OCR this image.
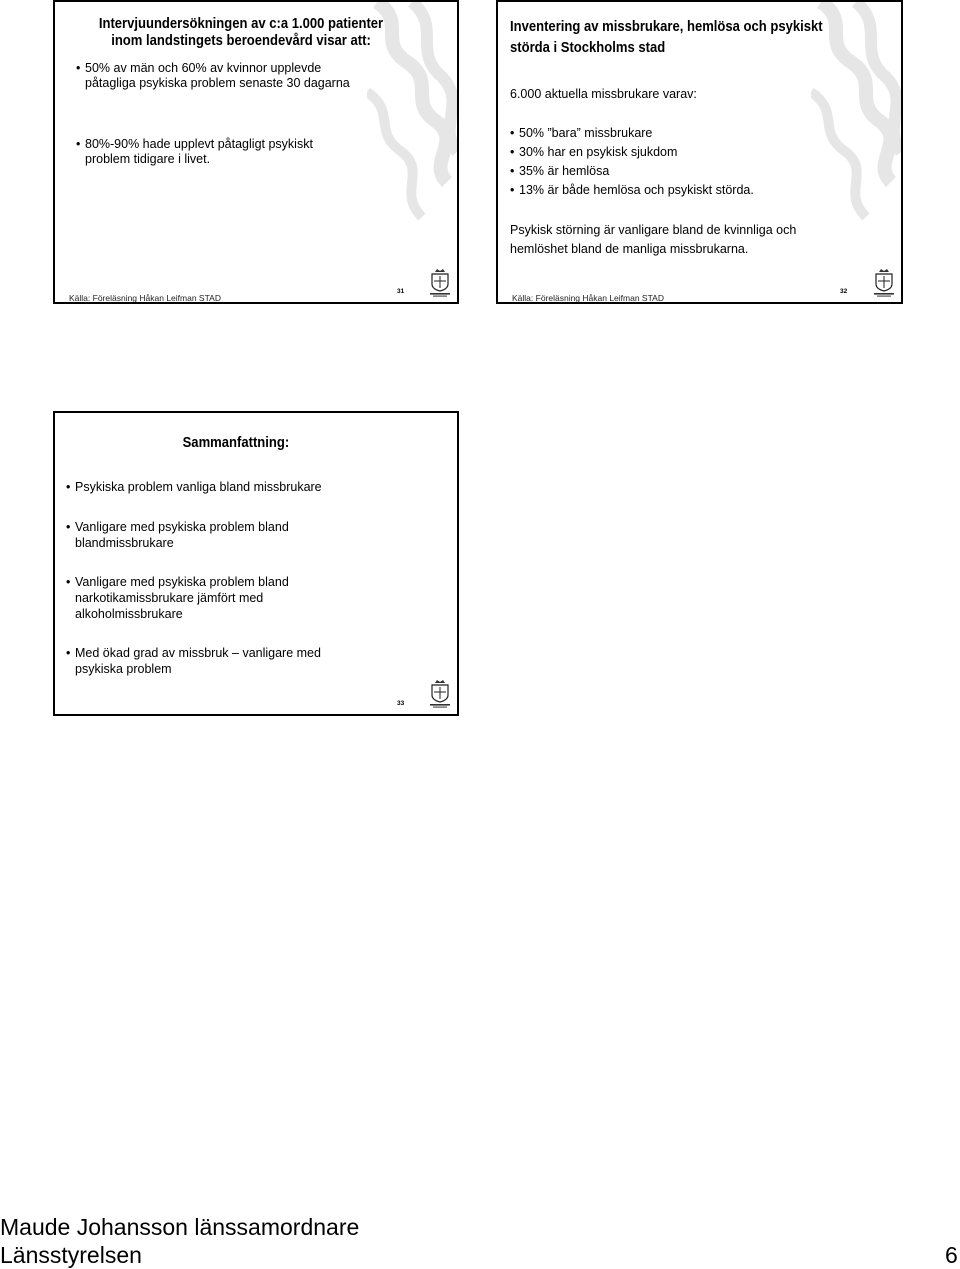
Intervjuundersökningen av c:a 1.000 patienter
inom landstingets beroendevård visar att:
• 50% av män och 60% av kvinnor upplevde
påtagliga psykiska problem senaste 30 dagarna
• 80%-90% hade upplevt påtagligt psykiskt
problem tidigare i livet.
Källa: Föreläsning Håkan Leifman STAD
31
Inventering av missbrukare, hemlösa och psykiskt
störda i Stockholms stad
6.000 aktuella missbrukare varav:
• 50% ”bara” missbrukare
• 30% har en psykisk sjukdom
• 35% är hemlösa
• 13% är både hemlösa och psykiskt störda.
Psykisk störning är vanligare bland de kvinnliga och
hemlöshet bland de manliga missbrukarna.
Källa: Föreläsning Håkan Leifman STAD
32
Sammanfattning:
• Psykiska problem vanliga bland missbrukare
• Vanligare med psykiska problem bland
blandmissbrukare
• Vanligare med psykiska problem bland
narkotikamissbrukare jämfört med
alkoholmissbrukare
• Med ökad grad av missbruk – vanligare med
psykiska problem
33
Maude Johansson länssamordnare
Länsstyrelsen	6
